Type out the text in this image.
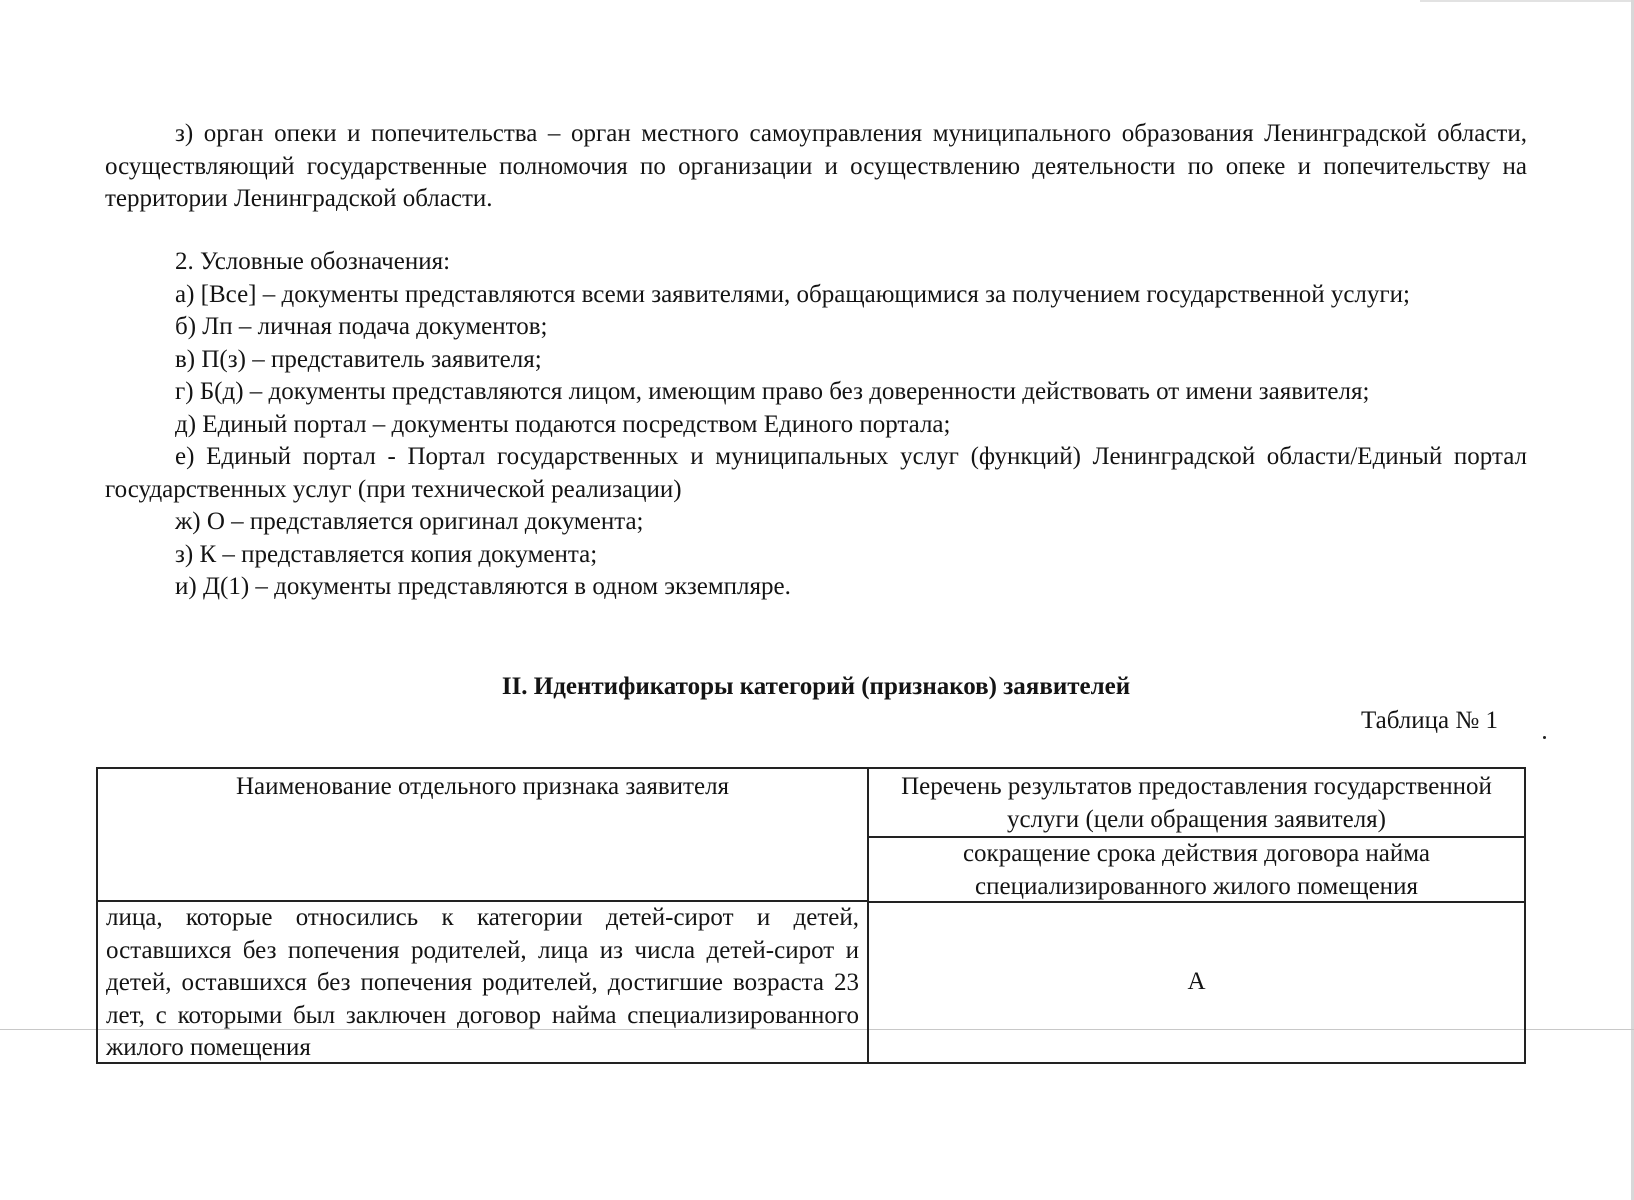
з) орган опеки и попечительства – орган местного самоуправления муниципального образования Ленинградской области, осуществляющий государственные полномочия по организации и осуществлению деятельности по опеке и попечительству на территории Ленинградской области.

2. Условные обозначения:

а) [Все] – документы представляются всеми заявителями, обращающимися за получением государственной услуги;

б) Лп – личная подача документов;

в) П(з) – представитель заявителя;

г) Б(д) – документы представляются лицом, имеющим право без доверенности действовать от имени заявителя;

д) Единый портал – документы подаются посредством Единого портала;

е) Единый портал - Портал государственных и муниципальных услуг (функций) Ленинградской области/Единый портал государственных услуг (при технической реализации)

ж) О – представляется оригинал документа;

з) К – представляется копия документа;

и) Д(1) – документы представляются в одном экземпляре.

II. Идентификаторы категорий (признаков) заявителей
Таблица № 1
Наименование отдельного признака заявителя	Перечень результатов предоставления государственной услуги (цели обращения заявителя)
сокращение срока действия договора найма специализированного жилого помещения
лица, которые относились к категории детей-сирот и детей, оставшихся без попечения родителей, лица из числа детей-сирот и детей, оставшихся без попечения родителей, достигшие возраста 23 лет, с которыми был заключен договор найма специализированного жилого помещения
А
